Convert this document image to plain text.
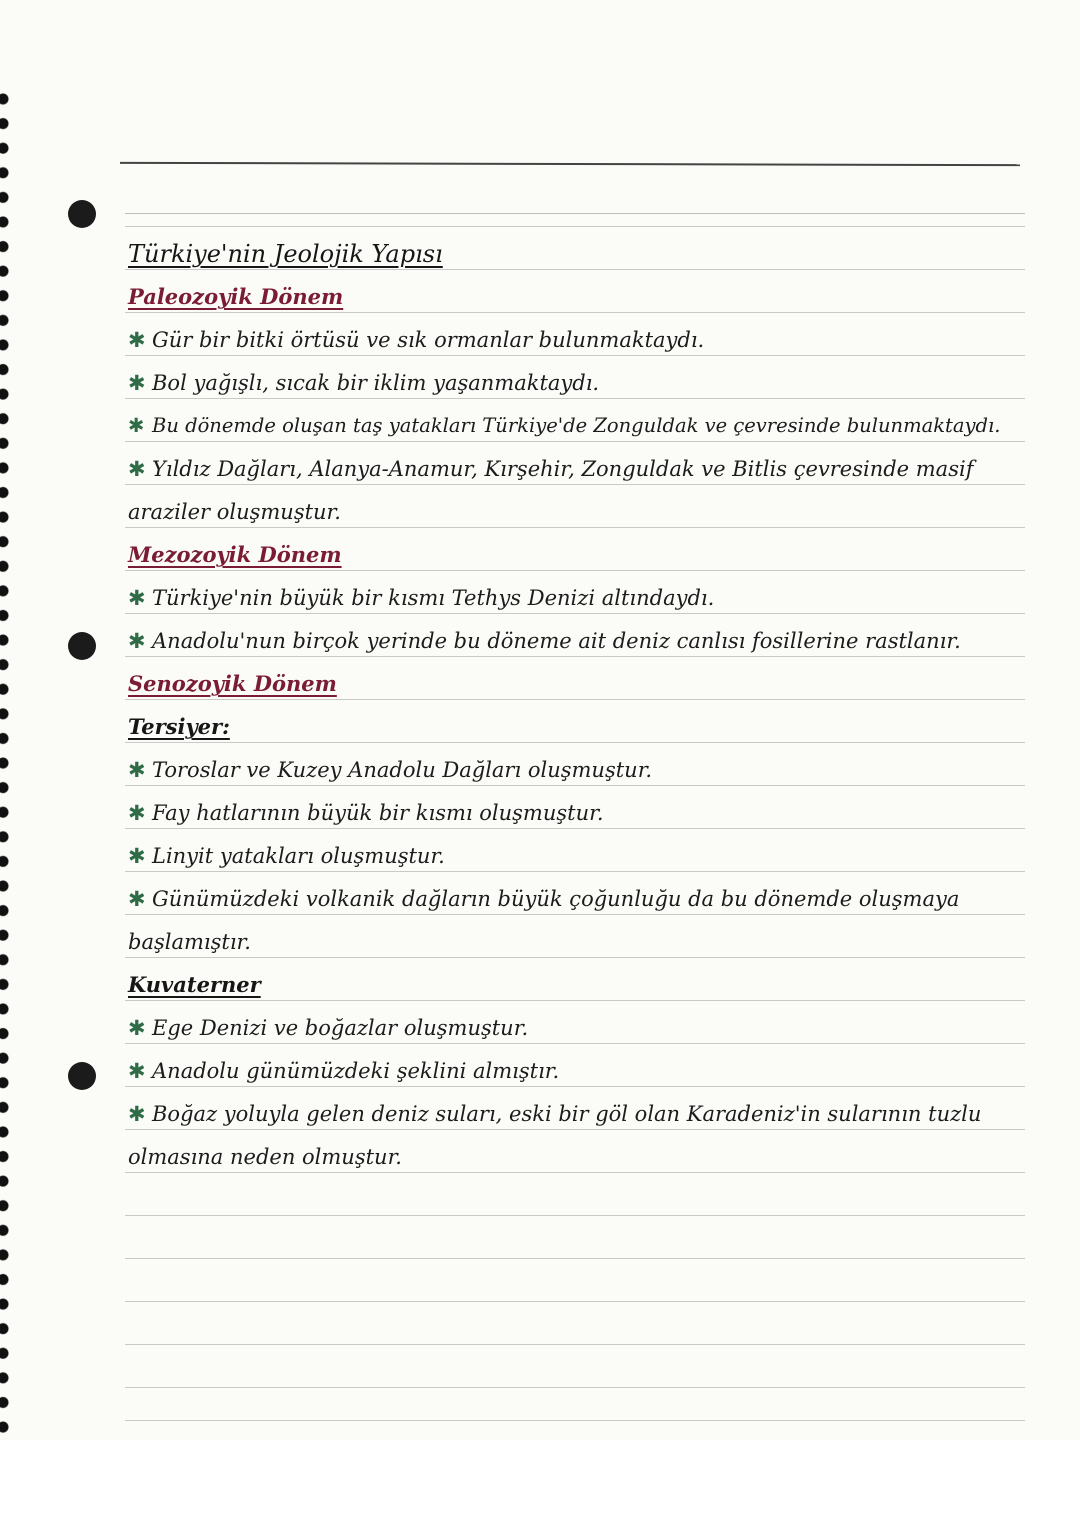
Türkiye'nin Jeolojik Yapısı
Paleozoyik Dönem
✱ Gür bir bitki örtüsü ve sık ormanlar bulunmaktaydı.
✱ Bol yağışlı, sıcak bir iklim yaşanmaktaydı.
✱ Bu dönemde oluşan taş yatakları Türkiye'de Zonguldak ve çevresinde bulunmaktaydı.
✱ Yıldız Dağları, Alanya-Anamur, Kırşehir, Zonguldak ve Bitlis çevresinde masif
araziler oluşmuştur.
Mezozoyik Dönem
✱ Türkiye'nin büyük bir kısmı Tethys Denizi altındaydı.
✱ Anadolu'nun birçok yerinde bu döneme ait deniz canlısı fosillerine rastlanır.
Senozoyik Dönem
Tersiyer:
✱ Toroslar ve Kuzey Anadolu Dağları oluşmuştur.
✱ Fay hatlarının büyük bir kısmı oluşmuştur.
✱ Linyit yatakları oluşmuştur.
✱ Günümüzdeki volkanik dağların büyük çoğunluğu da bu dönemde oluşmaya
başlamıştır.
Kuvaterner
✱ Ege Denizi ve boğazlar oluşmuştur.
✱ Anadolu günümüzdeki şeklini almıştır.
✱ Boğaz yoluyla gelen deniz suları, eski bir göl olan Karadeniz'in sularının tuzlu
olmasına neden olmuştur.
